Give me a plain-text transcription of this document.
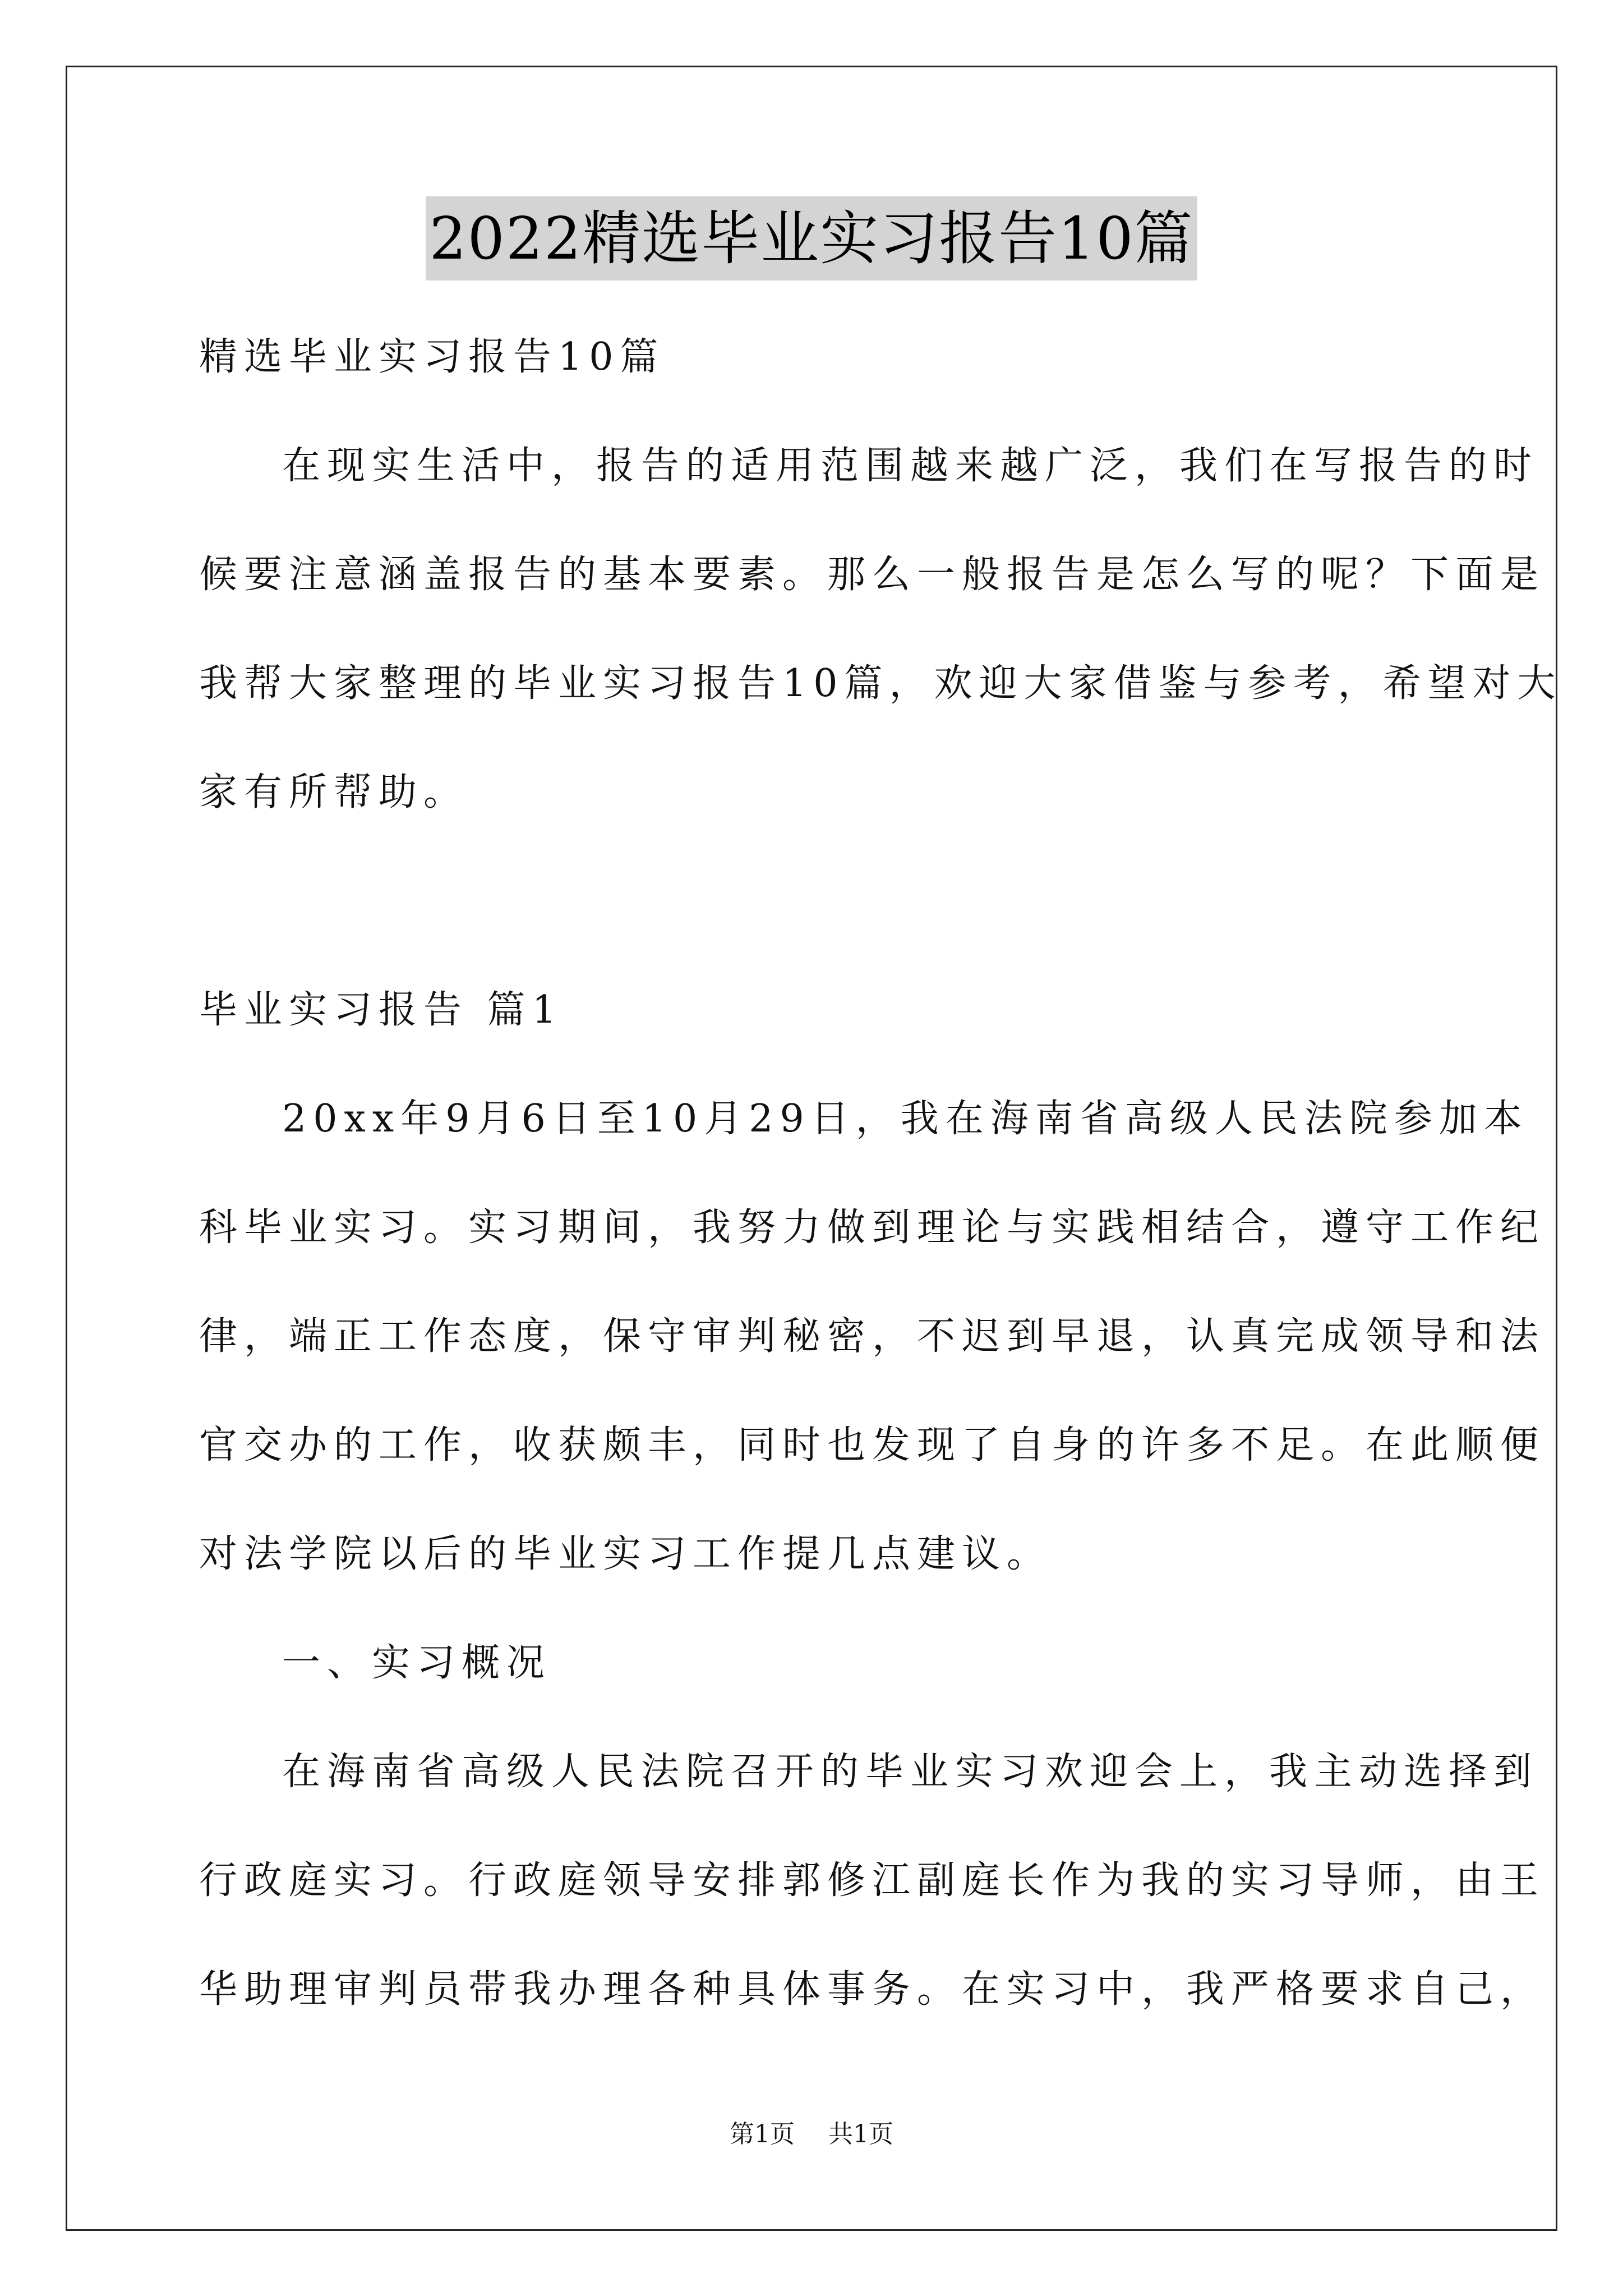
2022精选毕业实习报告10篇
精选毕业实习报告10篇
在现实生活中，报告的适用范围越来越广泛，我们在写报告的时
候要注意涵盖报告的基本要素。那么一般报告是怎么写的呢？下面是
我帮大家整理的毕业实习报告10篇，欢迎大家借鉴与参考，希望对大
家有所帮助。
毕业实习报告 篇1
20xx年9月6日至10月29日，我在海南省高级人民法院参加本
科毕业实习。实习期间，我努力做到理论与实践相结合，遵守工作纪
律，端正工作态度，保守审判秘密，不迟到早退，认真完成领导和法
官交办的工作，收获颇丰，同时也发现了自身的许多不足。在此顺便
对法学院以后的毕业实习工作提几点建议。
一、实习概况
在海南省高级人民法院召开的毕业实习欢迎会上，我主动选择到
行政庭实习。行政庭领导安排郭修江副庭长作为我的实习导师，由王
华助理审判员带我办理各种具体事务。在实习中，我严格要求自己，
第1页 共1页
